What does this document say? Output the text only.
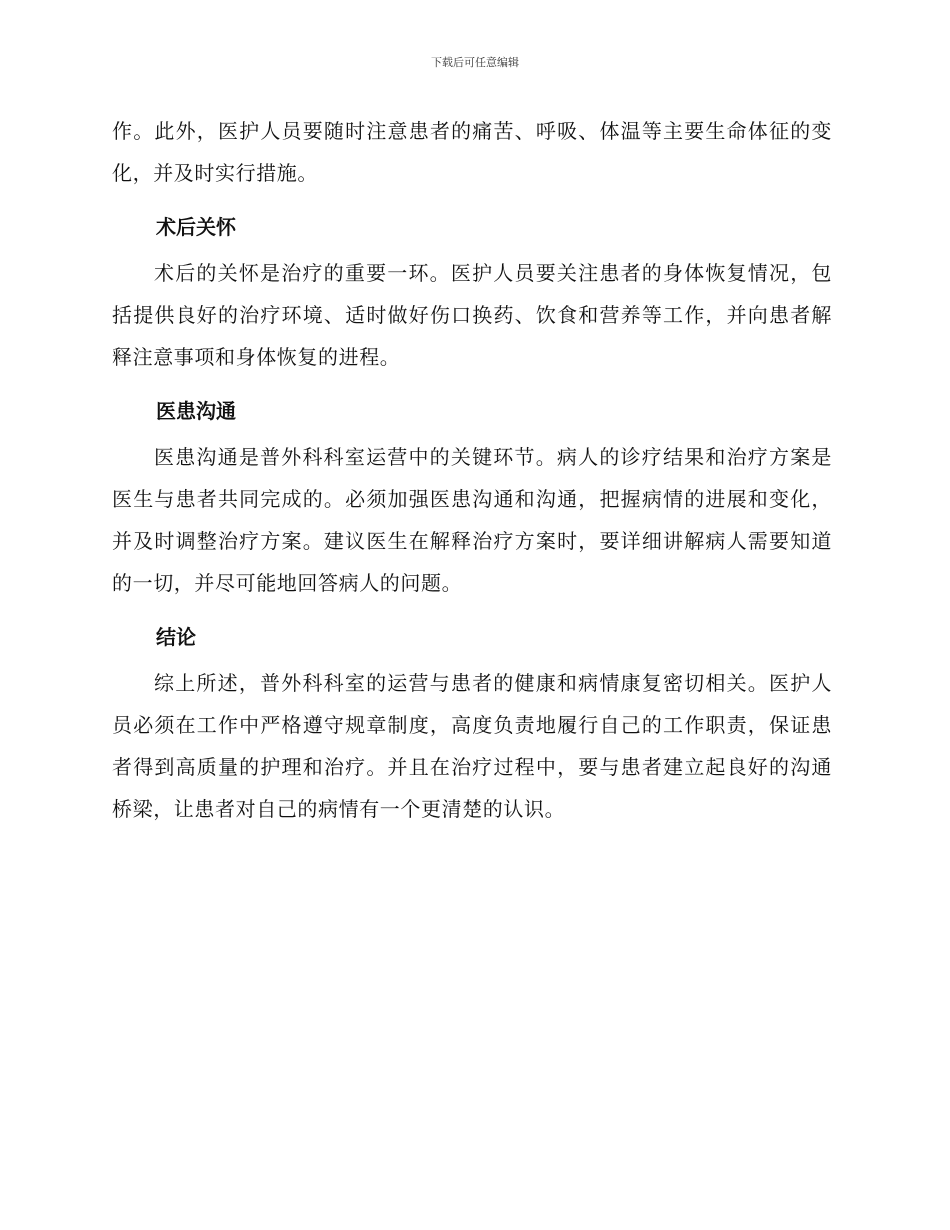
下载后可任意编辑

作。此外，医护人员要随时注意患者的痛苦、呼吸、体温等主要生命体征的变化，并及时实行措施。

术后关怀

术后的关怀是治疗的重要一环。医护人员要关注患者的身体恢复情况，包括提供良好的治疗环境、适时做好伤口换药、饮食和营养等工作，并向患者解释注意事项和身体恢复的进程。

医患沟通

医患沟通是普外科科室运营中的关键环节。病人的诊疗结果和治疗方案是医生与患者共同完成的。必须加强医患沟通和沟通，把握病情的进展和变化，并及时调整治疗方案。建议医生在解释治疗方案时，要详细讲解病人需要知道的一切，并尽可能地回答病人的问题。

结论

综上所述，普外科科室的运营与患者的健康和病情康复密切相关。医护人员必须在工作中严格遵守规章制度，高度负责地履行自己的工作职责，保证患者得到高质量的护理和治疗。并且在治疗过程中，要与患者建立起良好的沟通桥梁，让患者对自己的病情有一个更清楚的认识。
